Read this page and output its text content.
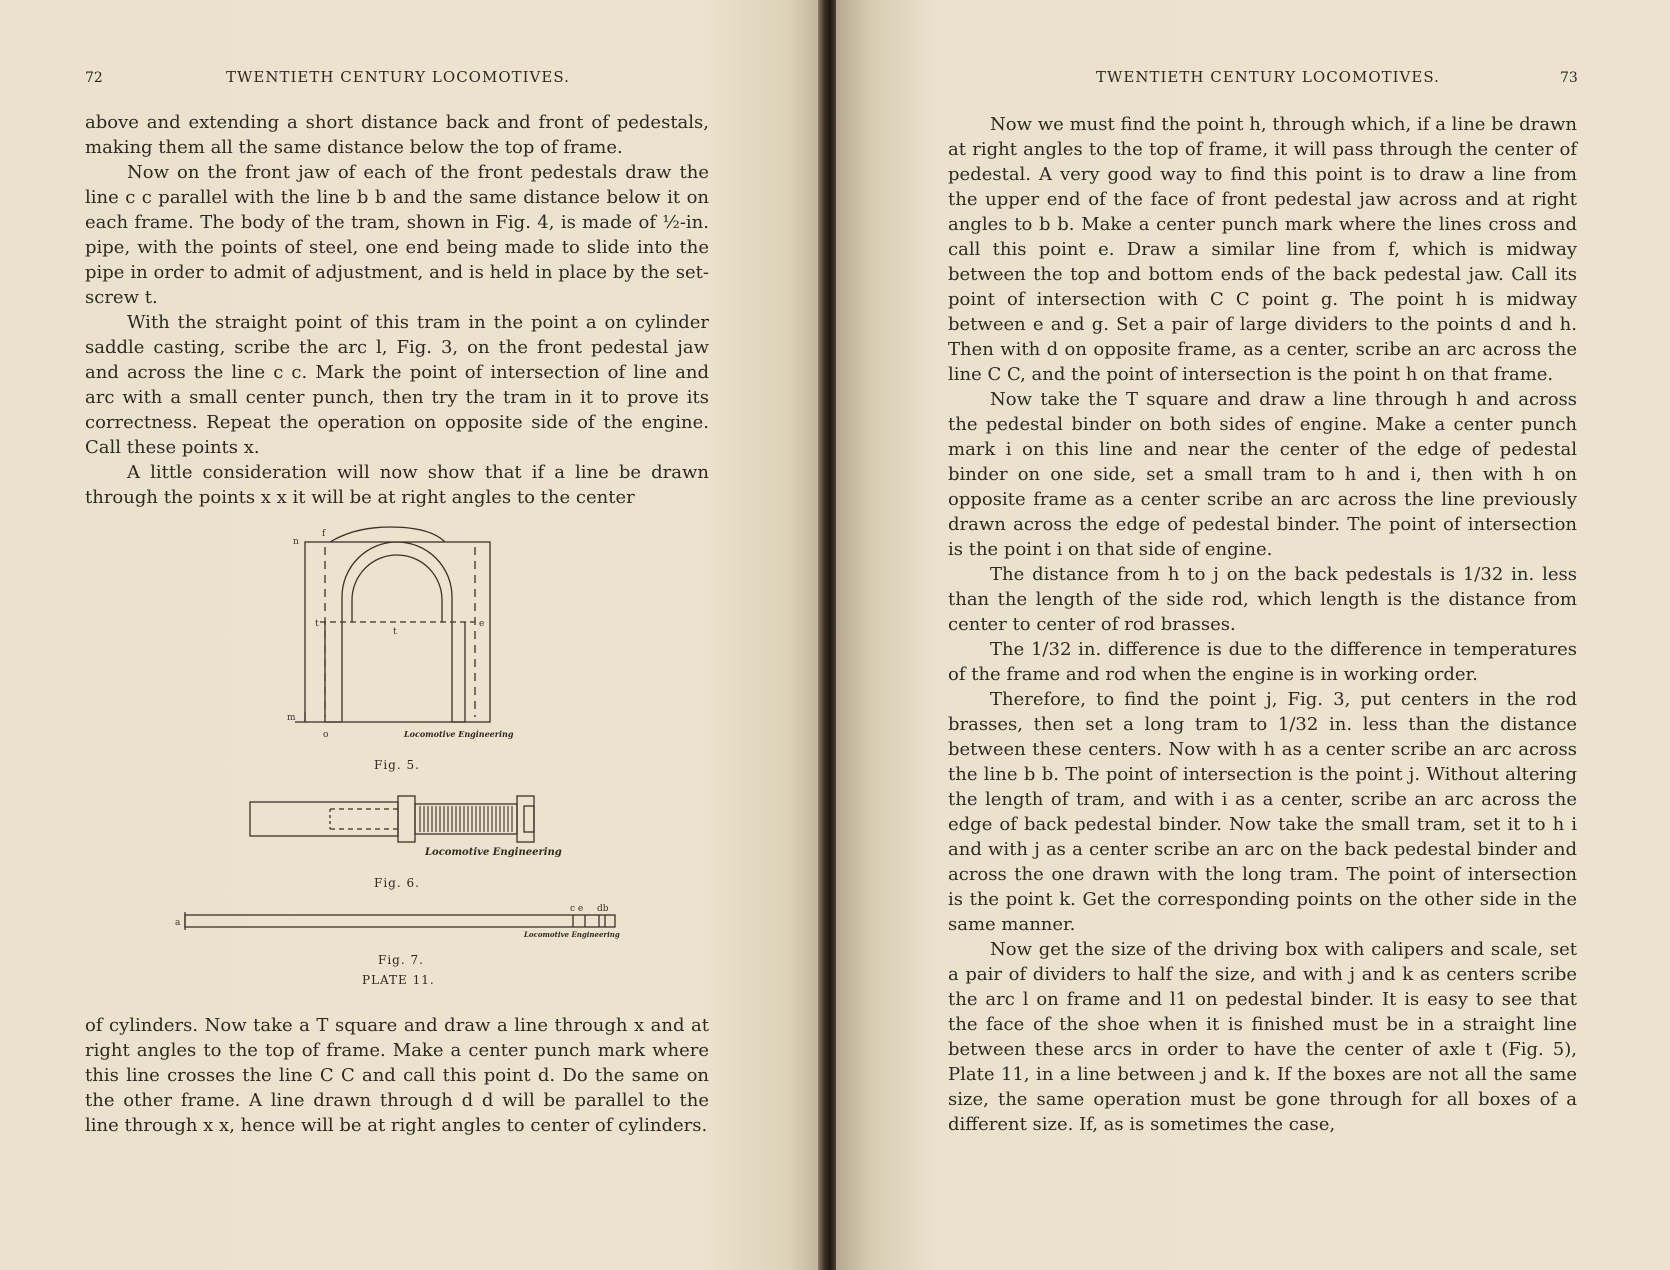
72	TWENTIETH CENTURY LOCOMOTIVES.

above and extending a short distance back and front of pedestals, making them all the same distance below the top of frame.

Now on the front jaw of each of the front pedestals draw the line c c parallel with the line b b and the same distance below it on each frame. The body of the tram, shown in Fig. 4, is made of ½-in. pipe, with the points of steel, one end being made to slide into the pipe in order to admit of adjustment, and is held in place by the set-screw t.

With the straight point of this tram in the point a on cylinder saddle casting, scribe the arc l, Fig. 3, on the front pedestal jaw and across the line c c. Mark the point of intersection of line and arc with a small center punch, then try the tram in it to prove its correctness. Repeat the operation on opposite side of the engine. Call these points x.

A little consideration will now show that if a line be drawn through the points x x it will be at right angles to the center

n
f
m
o
t
e
t
Locomotive Engineering
Fig. 5.
Locomotive Engineering
Fig. 6.
a
c e db
Locomotive Engineering
Fig. 7.
PLATE 11.

of cylinders. Now take a T square and draw a line through x and at right angles to the top of frame. Make a center punch mark where this line crosses the line C C and call this point d. Do the same on the other frame. A line drawn through d d will be parallel to the line through x x, hence will be at right angles to center of cylinders.

TWENTIETH CENTURY LOCOMOTIVES.	73

Now we must find the point h, through which, if a line be drawn at right angles to the top of frame, it will pass through the center of pedestal. A very good way to find this point is to draw a line from the upper end of the face of front pedestal jaw across and at right angles to b b. Make a center punch mark where the lines cross and call this point e. Draw a similar line from f, which is midway between the top and bottom ends of the back pedestal jaw. Call its point of intersection with C C point g. The point h is midway between e and g. Set a pair of large dividers to the points d and h. Then with d on opposite frame, as a center, scribe an arc across the line C C, and the point of intersection is the point h on that frame.

Now take the T square and draw a line through h and across the pedestal binder on both sides of engine. Make a center punch mark i on this line and near the center of the edge of pedestal binder on one side, set a small tram to h and i, then with h on opposite frame as a center scribe an arc across the line previously drawn across the edge of pedestal binder. The point of intersection is the point i on that side of engine.

The distance from h to j on the back pedestals is 1/32 in. less than the length of the side rod, which length is the distance from center to center of rod brasses.

The 1/32 in. difference is due to the difference in temperatures of the frame and rod when the engine is in working order.

Therefore, to find the point j, Fig. 3, put centers in the rod brasses, then set a long tram to 1/32 in. less than the distance between these centers. Now with h as a center scribe an arc across the line b b. The point of intersection is the point j. Without altering the length of tram, and with i as a center, scribe an arc across the edge of back pedestal binder. Now take the small tram, set it to h i and with j as a center scribe an arc on the back pedestal binder and across the one drawn with the long tram. The point of intersection is the point k. Get the corresponding points on the other side in the same manner.

Now get the size of the driving box with calipers and scale, set a pair of dividers to half the size, and with j and k as centers scribe the arc l on frame and l1 on pedestal binder. It is easy to see that the face of the shoe when it is finished must be in a straight line between these arcs in order to have the center of axle t (Fig. 5), Plate 11, in a line between j and k. If the boxes are not all the same size, the same operation must be gone through for all boxes of a different size. If, as is sometimes the case,
